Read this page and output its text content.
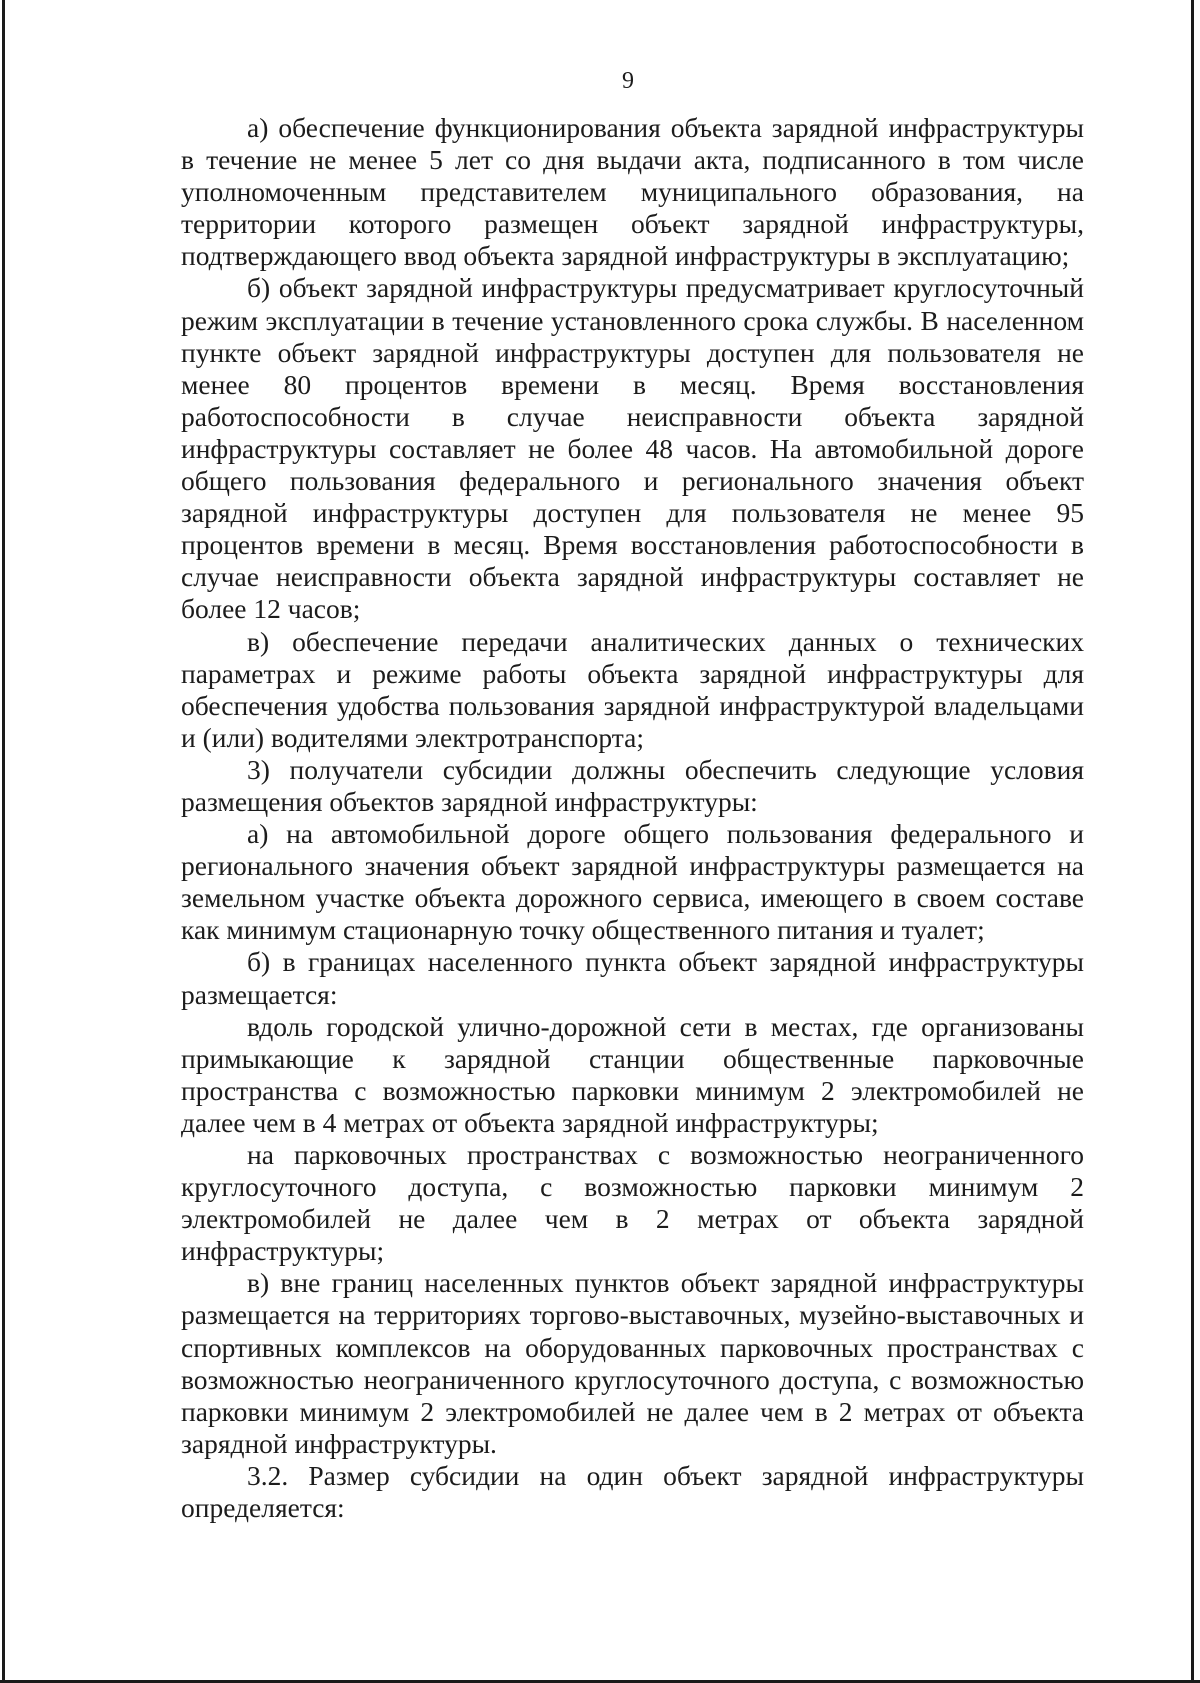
9

а) обеспечение функционирования объекта зарядной инфраструктуры в течение не менее 5 лет со дня выдачи акта, подписанного в том числе уполномоченным представителем муниципального образования, на территории которого размещен объект зарядной инфраструктуры, подтверждающего ввод объекта зарядной инфраструктуры в эксплуатацию;

б) объект зарядной инфраструктуры предусматривает круглосуточный режим эксплуатации в течение установленного срока службы. В населенном пункте объект зарядной инфраструктуры доступен для пользователя не менее 80 процентов времени в месяц. Время восстановления работоспособности в случае неисправности объекта зарядной инфраструктуры составляет не более 48 часов. На автомобильной дороге общего пользования федерального и регионального значения объект зарядной инфраструктуры доступен для пользователя не менее 95 процентов времени в месяц. Время восстановления работоспособности в случае неисправности объекта зарядной инфраструктуры составляет не более 12 часов;

в) обеспечение передачи аналитических данных о технических параметрах и режиме работы объекта зарядной инфраструктуры для обеспечения удобства пользования зарядной инфраструктурой владельцами и (или) водителями электротранспорта;

3) получатели субсидии должны обеспечить следующие условия размещения объектов зарядной инфраструктуры:

а) на автомобильной дороге общего пользования федерального и регионального значения объект зарядной инфраструктуры размещается на земельном участке объекта дорожного сервиса, имеющего в своем составе как минимум стационарную точку общественного питания и туалет;

б) в границах населенного пункта объект зарядной инфраструктуры размещается:

вдоль городской улично-дорожной сети в местах, где организованы примыкающие к зарядной станции общественные парковочные пространства с возможностью парковки минимум 2 электромобилей не далее чем в 4 метрах от объекта зарядной инфраструктуры;

на парковочных пространствах с возможностью неограниченного круглосуточного доступа, с возможностью парковки минимум 2 электромобилей не далее чем в 2 метрах от объекта зарядной инфраструктуры;

в) вне границ населенных пунктов объект зарядной инфраструктуры размещается на территориях торгово-выставочных, музейно-выставочных и спортивных комплексов на оборудованных парковочных пространствах с возможностью неограниченного круглосуточного доступа, с возможностью парковки минимум 2 электромобилей не далее чем в 2 метрах от объекта зарядной инфраструктуры.

3.2. Размер субсидии на один объект зарядной инфраструктуры определяется:
